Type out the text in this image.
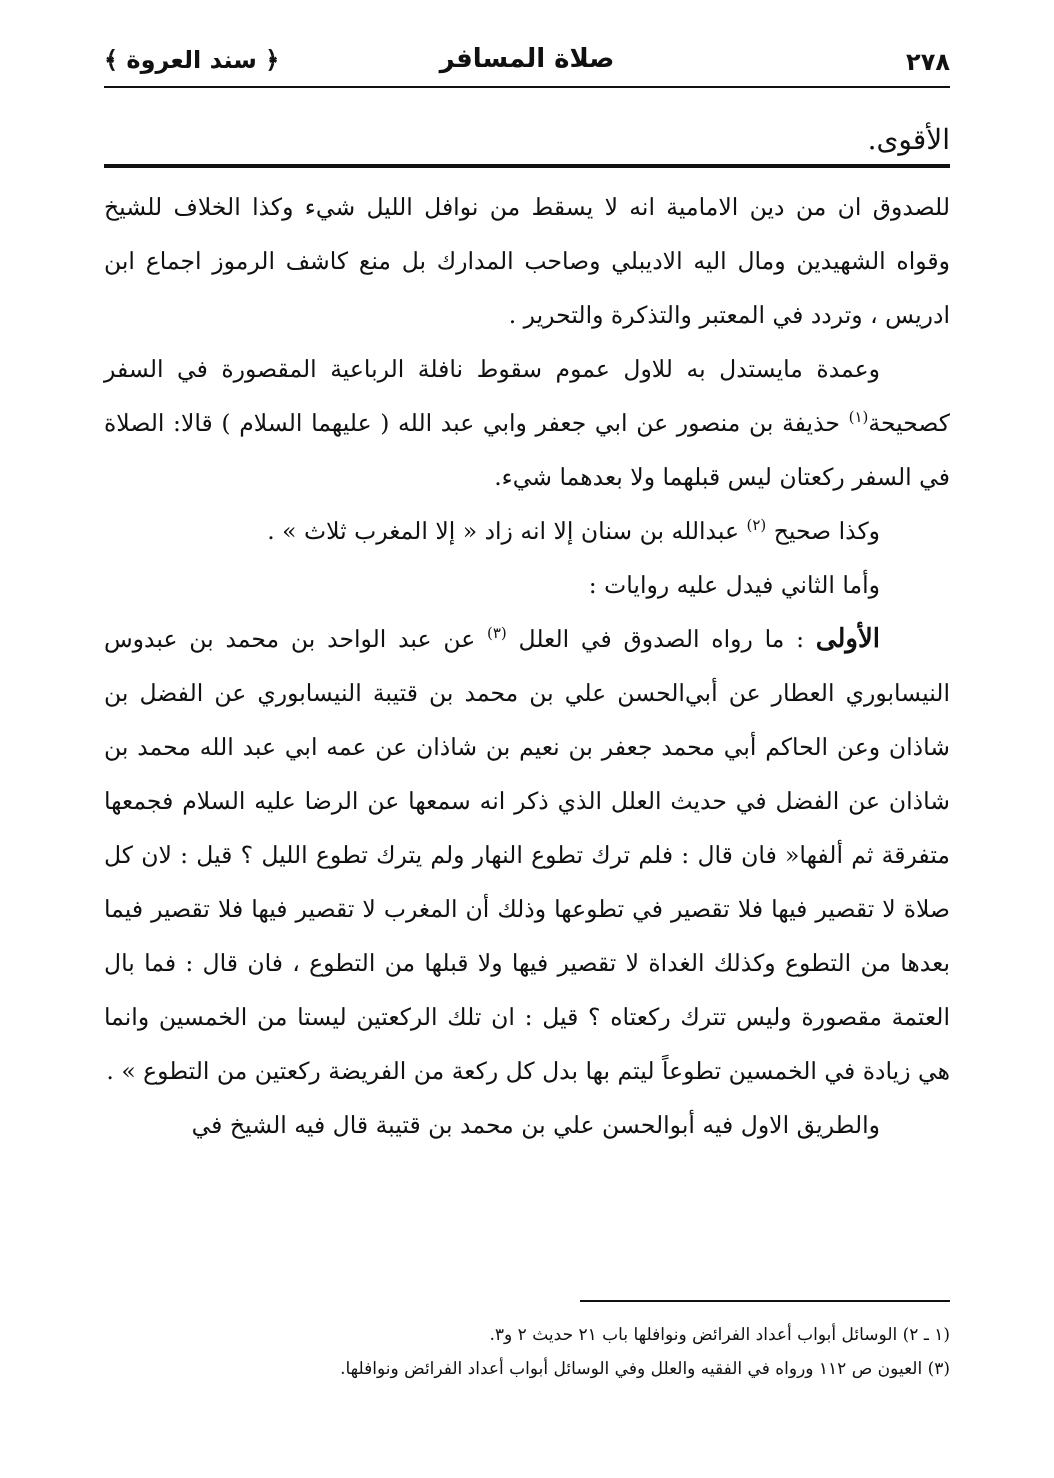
٢٧٨
صلاة المسافر
﴿ سند العروة ﴾
الأقوى.

للصدوق ان من دين الامامية انه لا يسقط من نوافل الليل شيء وكذا الخلاف للشيخ وقواه الشهيدين ومال اليه الاديبلي وصاحب المدارك بل منع كاشف الرموز اجماع ابن ادريس ، وتردد في المعتبر والتذكرة والتحرير .

وعمدة مايستدل به للاول عموم سقوط نافلة الرباعية المقصورة في السفر كصحيحة$^{(١)}$ حذيفة بن منصور عن ابي جعفر وابي عبد الله ( عليهما السلام ) قالا: الصلاة في السفر ركعتان ليس قبلهما ولا بعدهما شيء.

وكذا صحيح $^{(٢)}$ عبدالله بن سنان إلا انه زاد « إلا المغرب ثلاث » .

وأما الثاني فيدل عليه روايات :

الأولى : ما رواه الصدوق في العلل $^{(٣)}$ عن عبد الواحد بن محمد بن عبدوس النيسابوري العطار عن أبي‌الحسن علي بن محمد بن قتيبة النيسابوري عن الفضل بن شاذان وعن الحاكم أبي محمد جعفر بن نعيم بن شاذان عن عمه ابي عبد الله محمد بن شاذان عن الفضل في حديث العلل الذي ذكر انه سمعها عن الرضا عليه السلام فجمعها متفرقة ثم ألفها« فان قال : فلم ترك تطوع النهار ولم يترك تطوع الليل ؟ قيل : لان كل صلاة لا تقصير فيها فلا تقصير في تطوعها وذلك أن المغرب لا تقصير فيها فلا تقصير فيما بعدها من التطوع وكذلك الغداة لا تقصير فيها ولا قبلها من التطوع ، فان قال : فما بال العتمة مقصورة وليس تترك ركعتاه ؟ قيل : ان تلك الركعتين ليستا من الخمسين وانما هي زيادة في الخمسين تطوعاً ليتم بها بدل كل ركعة من الفريضة ركعتين من التطوع » .

والطريق الاول فيه أبوالحسن علي بن محمد بن قتيبة قال فيه الشيخ في

(١ ـ ٢) الوسائل أبواب أعداد الفرائض ونوافلها باب ٢١ حديث ٢ و٣.

(٣) العيون ص ١١٢ ورواه في الفقيه والعلل وفي الوسائل أبواب أعداد الفرائض ونوافلها.
